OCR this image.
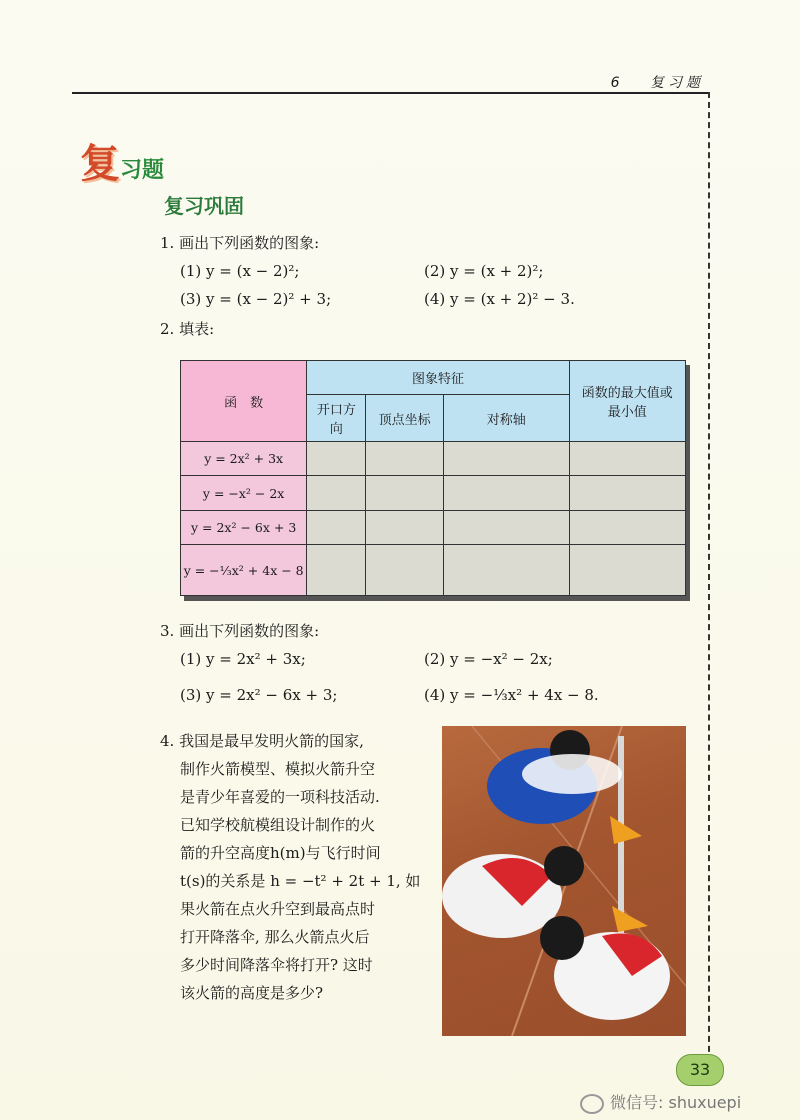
6 复习题
复习题
复习巩固
1. 画出下列函数的图象:
(1) y = (x − 2)²;	(2) y = (x + 2)²;
(3) y = (x − 2)² + 3;	(4) y = (x + 2)² − 3.
2. 填表:
函　数	图象特征			函数的最大值或最小值
	开口方向	顶点坐标	对称轴	
y = 2x² + 3x				
y = −x² − 2x				
y = 2x² − 6x + 3				
y = −⅓x² + 4x − 8				
3. 画出下列函数的图象:
(1) y = 2x² + 3x;	(2) y = −x² − 2x;
(3) y = 2x² − 6x + 3;	(4) y = −⅓x² + 4x − 8.
4. 我国是最早发明火箭的国家,
制作火箭模型、模拟火箭升空
是青少年喜爱的一项科技活动.
已知学校航模组设计制作的火
箭的升空高度h(m)与飞行时间
t(s)的关系是 h = −t² + 2t + 1, 如
果火箭在点火升空到最高点时
打开降落伞, 那么火箭点火后
多少时间降落伞将打开? 这时
该火箭的高度是多少?
33
微信号: shuxuepi
